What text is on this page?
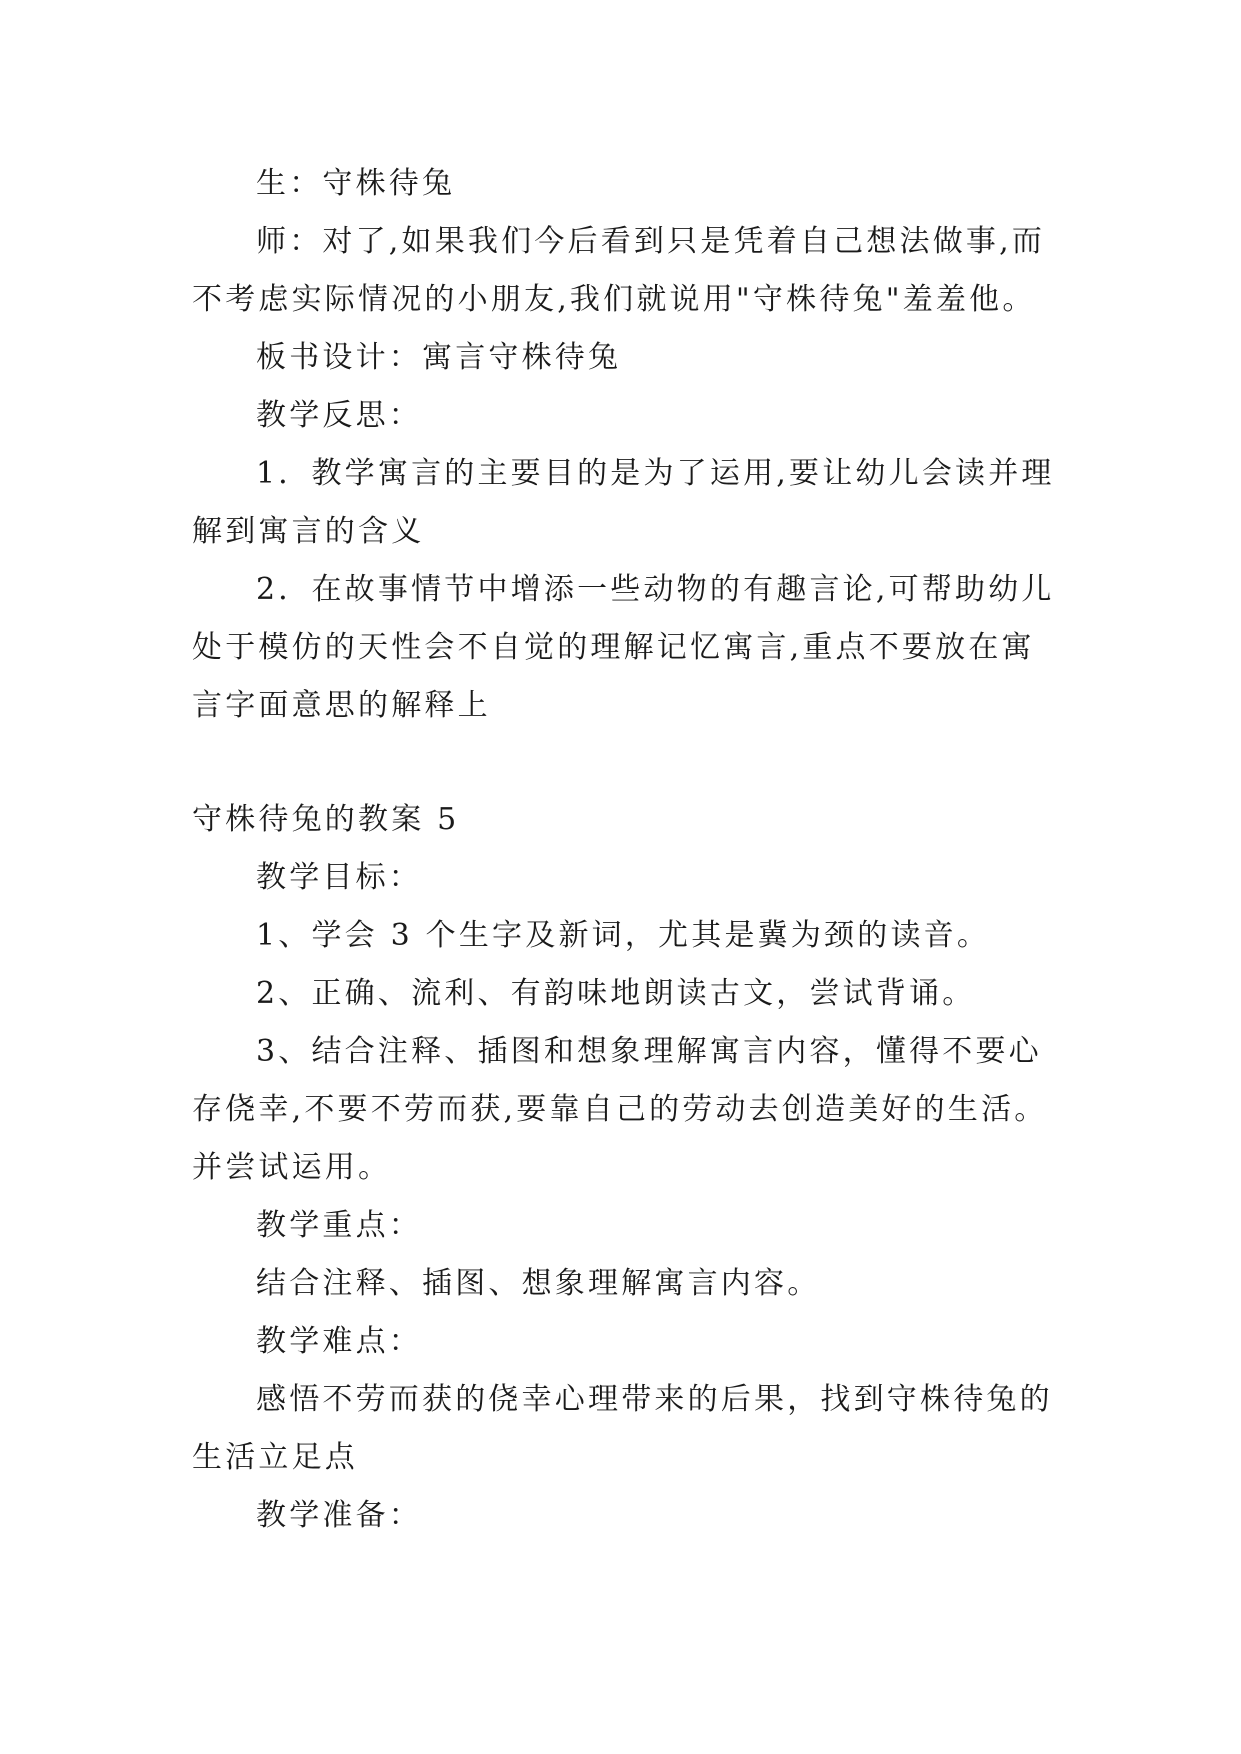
生：守株待兔
师：对了,如果我们今后看到只是凭着自己想法做事,而
不考虑实际情况的小朋友,我们就说用"守株待兔"羞羞他。
板书设计：寓言守株待兔
教学反思：
1．教学寓言的主要目的是为了运用,要让幼儿会读并理
解到寓言的含义
2．在故事情节中增添一些动物的有趣言论,可帮助幼儿
处于模仿的天性会不自觉的理解记忆寓言,重点不要放在寓
言字面意思的解释上
守株待兔的教案 5
教学目标：
1、学会 3 个生字及新词，尤其是冀为颈的读音。
2、正确、流利、有韵味地朗读古文，尝试背诵。
3、结合注释、插图和想象理解寓言内容，懂得不要心
存侥幸,不要不劳而获,要靠自己的劳动去创造美好的生活。
并尝试运用。
教学重点：
结合注释、插图、想象理解寓言内容。
教学难点：
感悟不劳而获的侥幸心理带来的后果，找到守株待兔的
生活立足点
教学准备：
